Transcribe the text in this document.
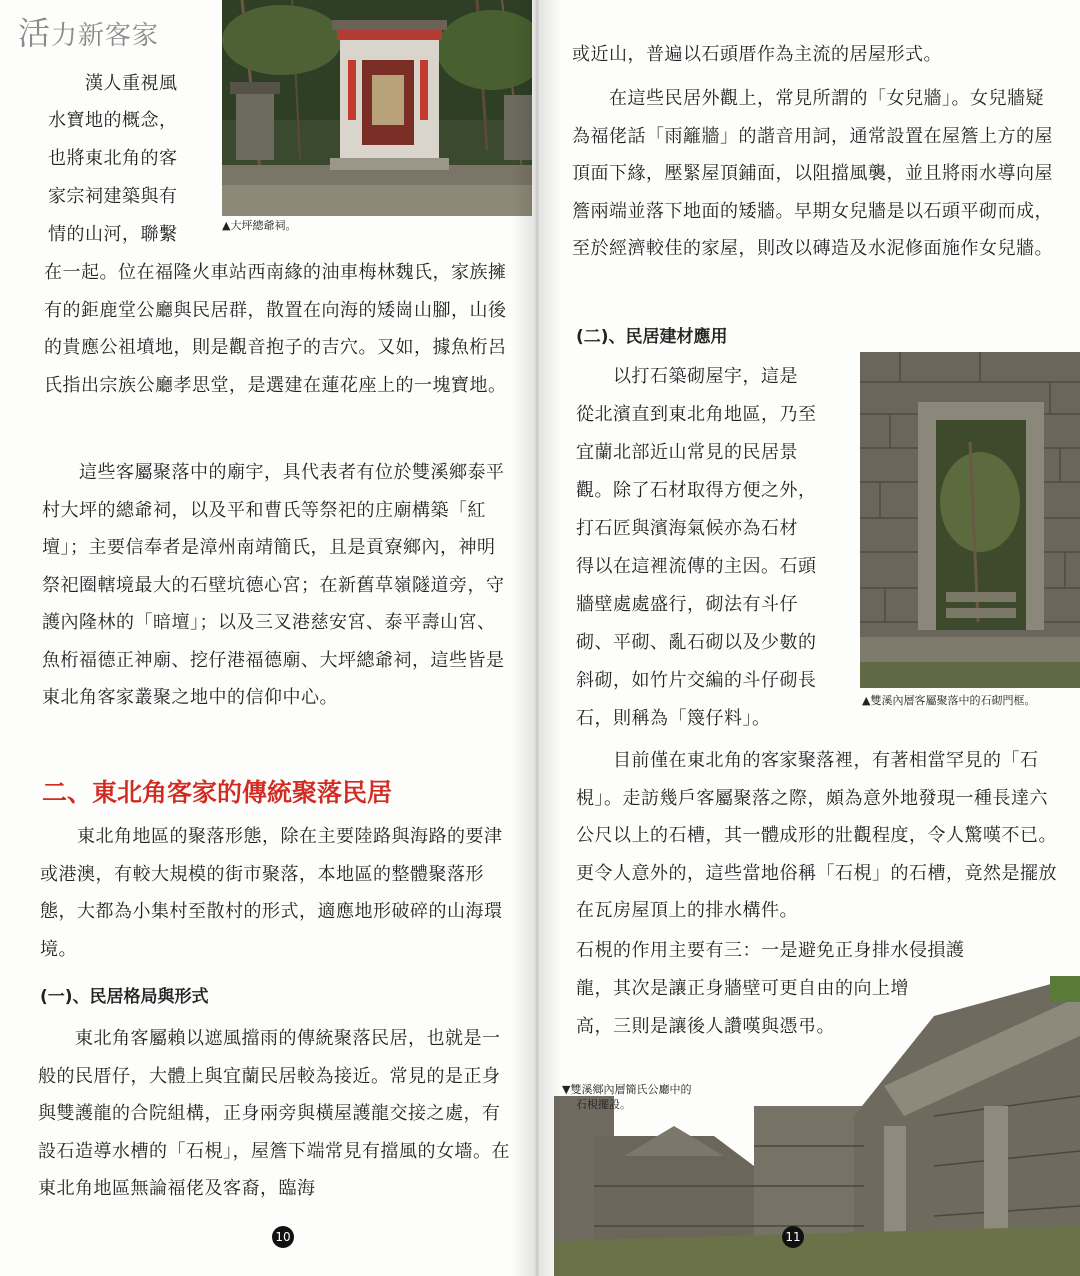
活力新客家
▲大坪總爺祠。

　　漢人重視風

水寶地的概念，

也將東北角的客

家宗祠建築與有

情的山河，聯繫

在一起。位在福隆火車站西南緣的油車梅林魏氏，家族擁有的鉅鹿堂公廳與民居群，散置在向海的矮崗山腳，山後的貴應公祖墳地，則是觀音抱子的吉穴。又如，據魚桁呂氏指出宗族公廳孝思堂，是選建在蓮花座上的一塊寶地。

　　這些客屬聚落中的廟宇，具代表者有位於雙溪鄉泰平村大坪的總爺祠，以及平和曹氏等祭祀的庄廟構築「紅壇」；主要信奉者是漳州南靖簡氏，且是貢寮鄉內，神明祭祀圈轄境最大的石壁坑德心宮；在新舊草嶺隧道旁，守護內隆林的「暗壇」；以及三叉港慈安宮、泰平壽山宮、魚桁福德正神廟、挖仔港福德廟、大坪總爺祠，這些皆是東北角客家叢聚之地中的信仰中心。

二、東北角客家的傳統聚落民居

　　東北角地區的聚落形態，除在主要陸路與海路的要津或港澳，有較大規模的街市聚落，本地區的整體聚落形態，大都為小集村至散村的形式，適應地形破碎的山海環境。

(一)、民居格局與形式

　　東北角客屬賴以遮風擋雨的傳統聚落民居，也就是一般的民厝仔，大體上與宜蘭民居較為接近。常見的是正身與雙護龍的合院組構，正身兩旁與橫屋護龍交接之處，有設石造導水槽的「石梘」，屋簷下端常見有擋風的女墻。在東北角地區無論福佬及客裔，臨海

10

或近山，普遍以石頭厝作為主流的居屋形式。

　　在這些民居外觀上，常見所謂的「女兒牆」。女兒牆疑為福佬話「雨籬牆」的諧音用詞，通常設置在屋簷上方的屋頂面下緣，壓緊屋頂鋪面，以阻擋風襲，並且將雨水導向屋簷兩端並落下地面的矮牆。早期女兒牆是以石頭平砌而成，至於經濟較佳的家屋，則改以磚造及水泥修面施作女兒牆。

(二)、民居建材應用
▲雙溪內層客屬聚落中的石砌門框。

　　以打石築砌屋宇，這是

從北濱直到東北角地區，乃至

宜蘭北部近山常見的民居景

觀。除了石材取得方便之外，

打石匠與濱海氣候亦為石材

得以在這裡流傳的主因。石頭

牆壁處處盛行，砌法有斗仔

砌、平砌、亂石砌以及少數的

斜砌，如竹片交編的斗仔砌長

石，則稱為「篾仔料」。

　　目前僅在東北角的客家聚落裡，有著相當罕見的「石梘」。走訪幾戶客屬聚落之際，頗為意外地發現一種長達六公尺以上的石槽，其一體成形的壯觀程度，令人驚嘆不已。更令人意外的，這些當地俗稱「石梘」的石槽，竟然是擺放在瓦房屋頂上的排水構件。

石梘的作用主要有三：一是避免正身排水侵損護

龍，其次是讓正身牆壁可更自由的向上增

高，三則是讓後人讚嘆與憑弔。

▼雙溪鄉內層簡氏公廳中的
石梘擺設。
11
